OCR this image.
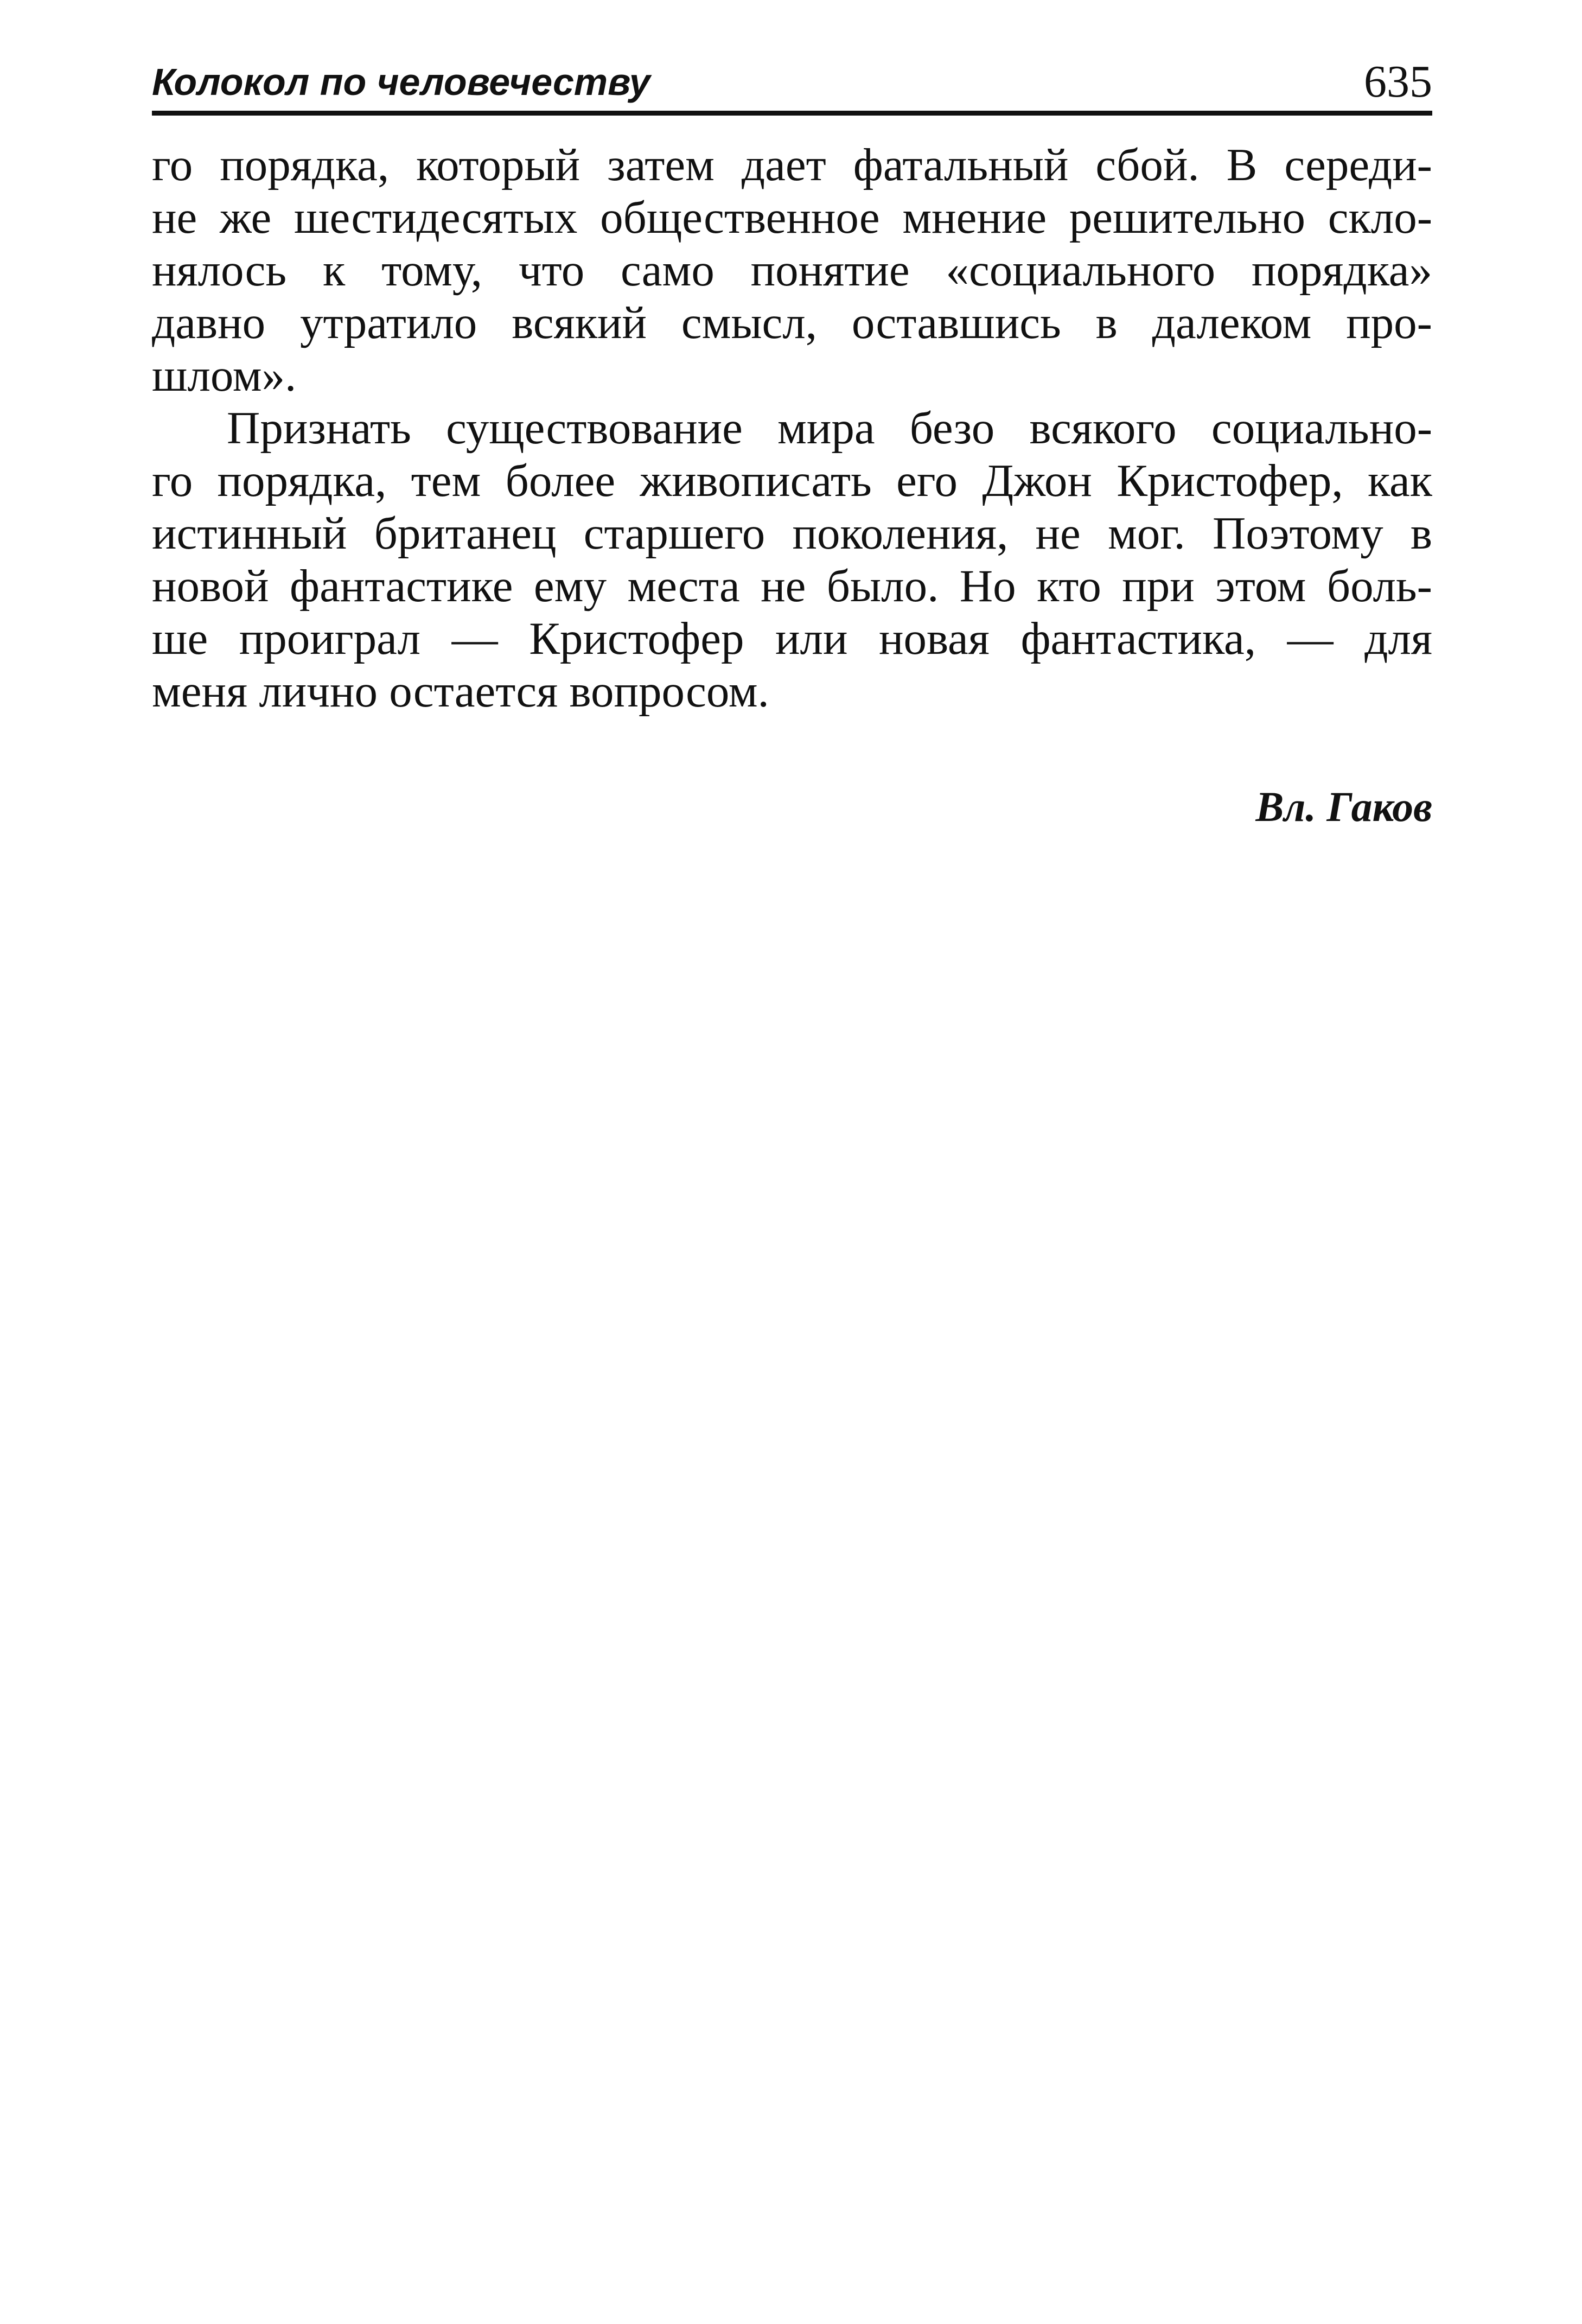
Колокол по человечеству	635
го порядка, который затем дает фатальный сбой. В середи-
не же шестидесятых общественное мнение решительно скло-
нялось к тому, что само понятие «социального порядка»
давно утратило всякий смысл, оставшись в далеком про-
шлом».
Признать существование мира безо всякого социально-
го порядка, тем более живописать его Джон Кристофер, как
истинный британец старшего поколения, не мог. Поэтому в
новой фантастике ему места не было. Но кто при этом боль-
ше проиграл — Кристофер или новая фантастика, — для
меня лично остается вопросом.
Вл. Гаков
